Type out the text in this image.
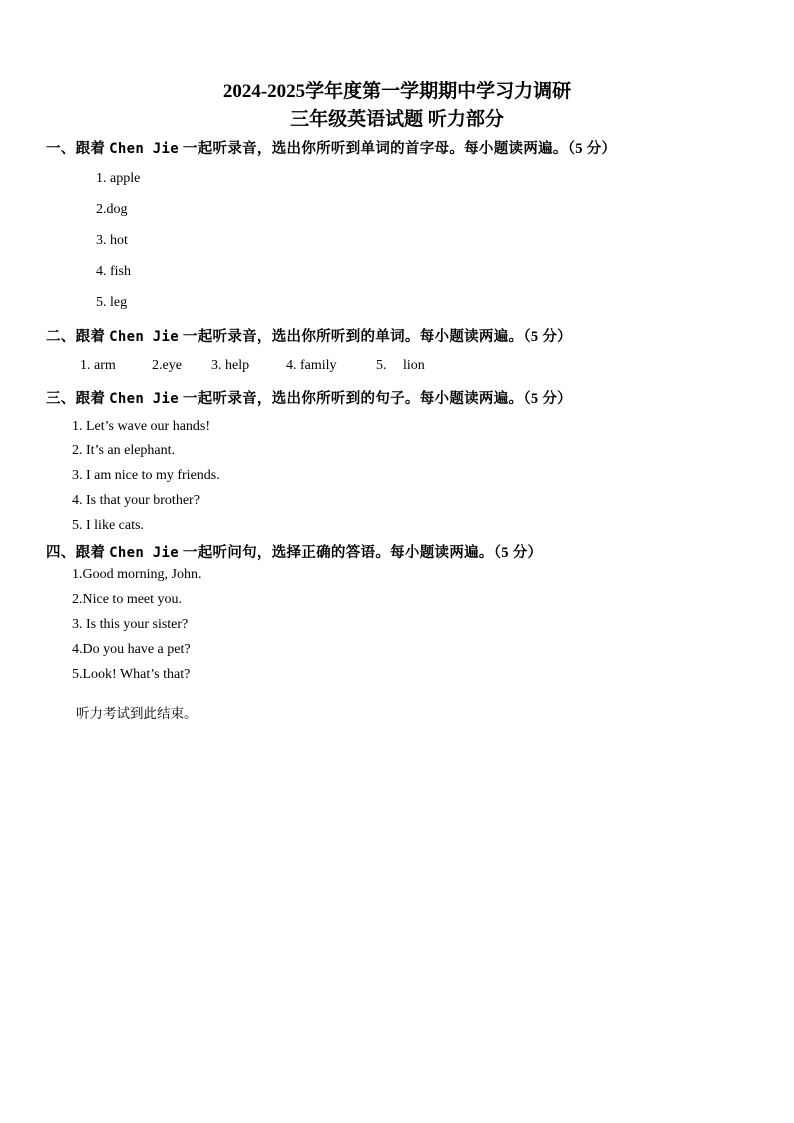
2024-2025学年度第一学期期中学习力调研
三年级英语试题 听力部分
一、跟着 Chen Jie 一起听录音，选出你所听到单词的首字母。每小题读两遍。（5 分）
1. apple
2.dog
3. hot
4. fish
5. leg
二、跟着 Chen Jie 一起听录音，选出你所听到的单词。每小题读两遍。（5 分）
1. arm	2.eye 3. help	4. family	5. lion
三、跟着 Chen Jie 一起听录音，选出你所听到的句子。每小题读两遍。（5 分）
1. Let’s wave our hands!
2. It’s an elephant.
3. I am nice to my friends.
4. Is that your brother?
5. I like cats.
四、跟着 Chen Jie 一起听问句，选择正确的答语。每小题读两遍。（5 分）
1.Good morning, John.
2.Nice to meet you.
3. Is this your sister?
4.Do you have a pet?
5.Look! What’s that?
听力考试到此结束。
